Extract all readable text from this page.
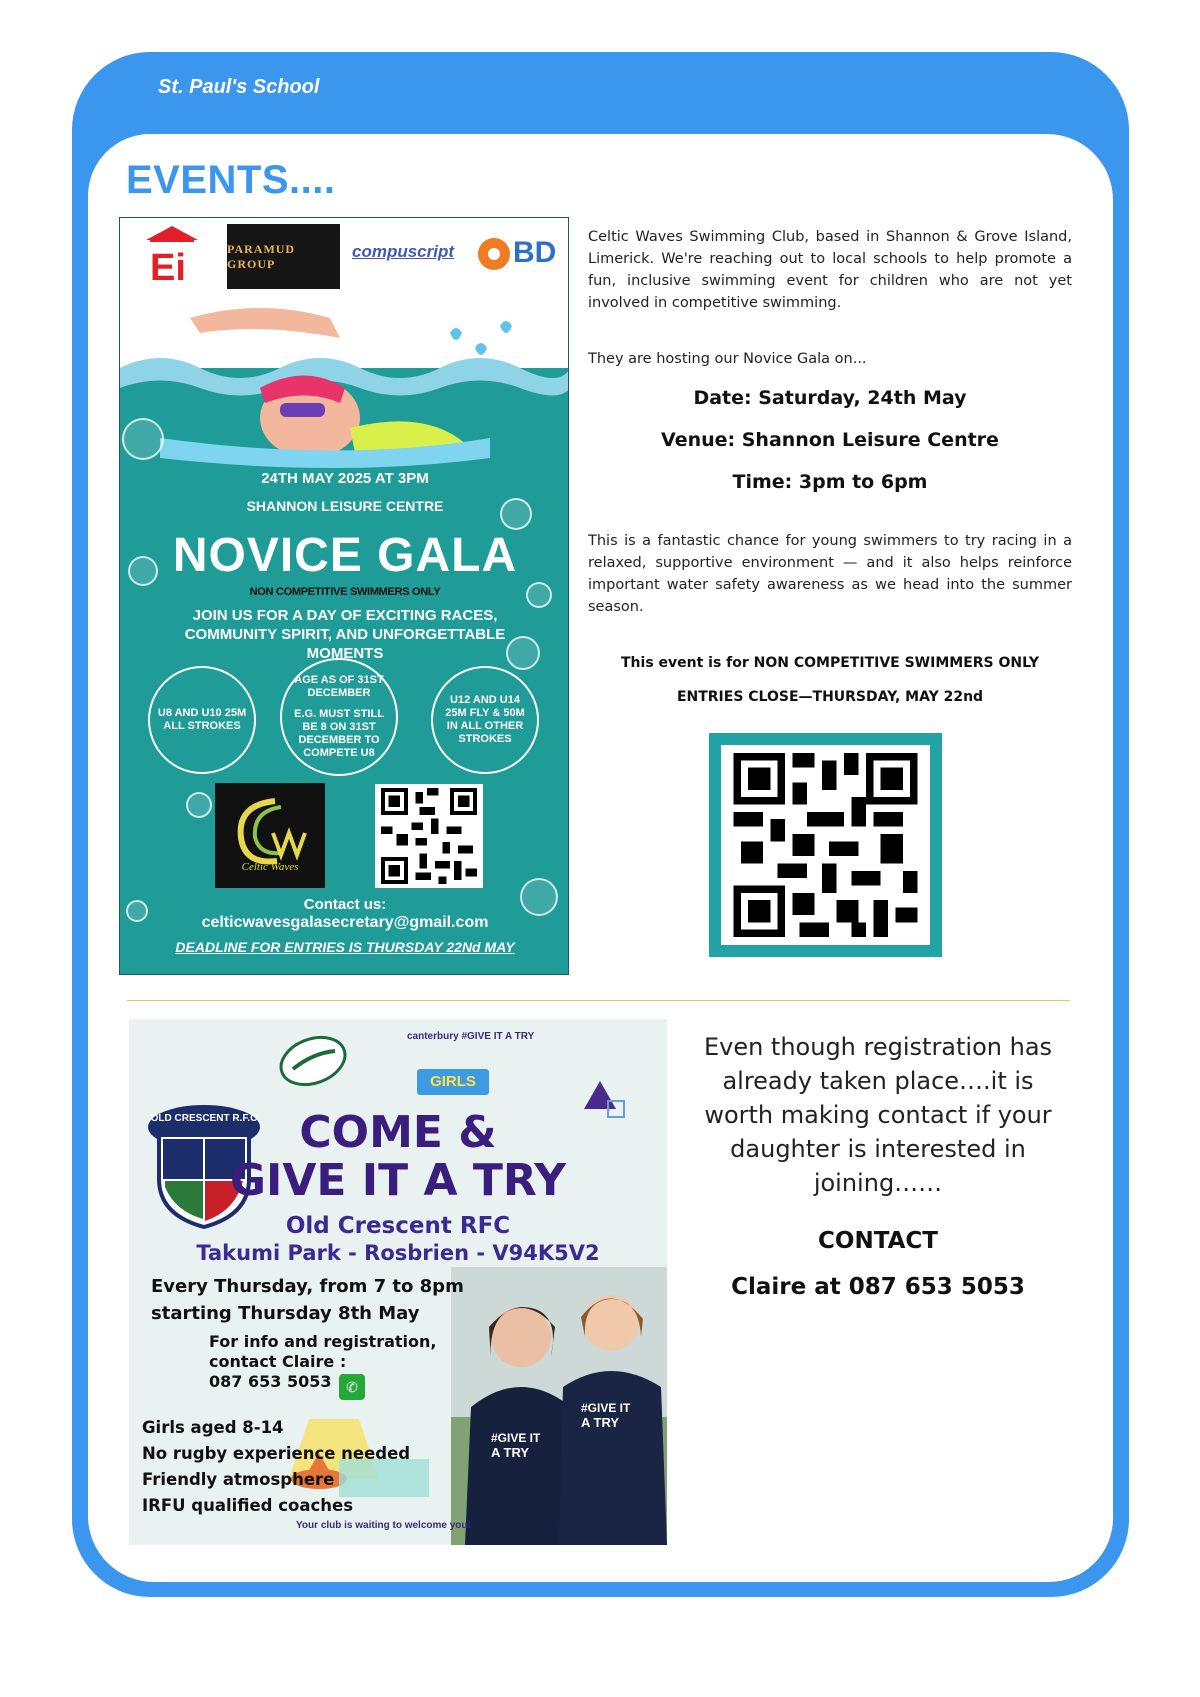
St. Paul's School
EVENTS....
Ei	PARAMUD GROUP
compuscript BD
24TH MAY 2025 AT 3PM
SHANNON LEISURE CENTRE
NOVICE GALA
NON COMPETITIVE SWIMMERS ONLY
JOIN US FOR A DAY OF EXCITING RACES, COMMUNITY SPIRIT, AND UNFORGETTABLE MOMENTS
U8 AND U10 25M ALL STROKES
AGE AS OF 31ST DECEMBER
E.G. MUST STILL BE 8 ON 31ST DECEMBER TO COMPETE U8
U12 AND U14 25M FLY & 50M IN ALL OTHER STROKES
Celtic Waves
Contact us:
celticwavesgalasecretary@gmail.com
DEADLINE FOR ENTRIES IS THURSDAY 22Nd MAY
Celtic Waves Swimming Club, based in Shannon & Grove Island, Limerick. We're reaching out to local schools to help promote a fun, inclusive swimming event for children who are not yet involved in competitive swimming.
They are hosting our Novice Gala on...
Date: Saturday, 24th May
Venue: Shannon Leisure Centre
Time: 3pm to 6pm
This is a fantastic chance for young swimmers to try racing in a relaxed, supportive environment — and it also helps reinforce important water safety awareness as we head into the summer season.
This event is for NON COMPETITIVE SWIMMERS ONLY
ENTRIES CLOSE—THURSDAY, MAY 22nd
canterbury #GIVE IT A TRY
GIRLS
OLD CRESCENT R.F.C COME &
GIVE IT A TRY
Old Crescent RFC
Takumi Park - Rosbrien - V94K5V2
#GIVE IT
A TRY
#GIVE IT
A TRY
Every Thursday, from 7 to 8pm
starting Thursday 8th May
For info and registration,
contact Claire :
087 653 5053	✆
Girls aged 8-14
No rugby experience needed
Friendly atmosphere
IRFU qualified coaches
Your club is waiting to welcome you!
Even though registration has already taken place….it is worth making contact if your daughter is interested in joining……
CONTACT
Claire at 087 653 5053
